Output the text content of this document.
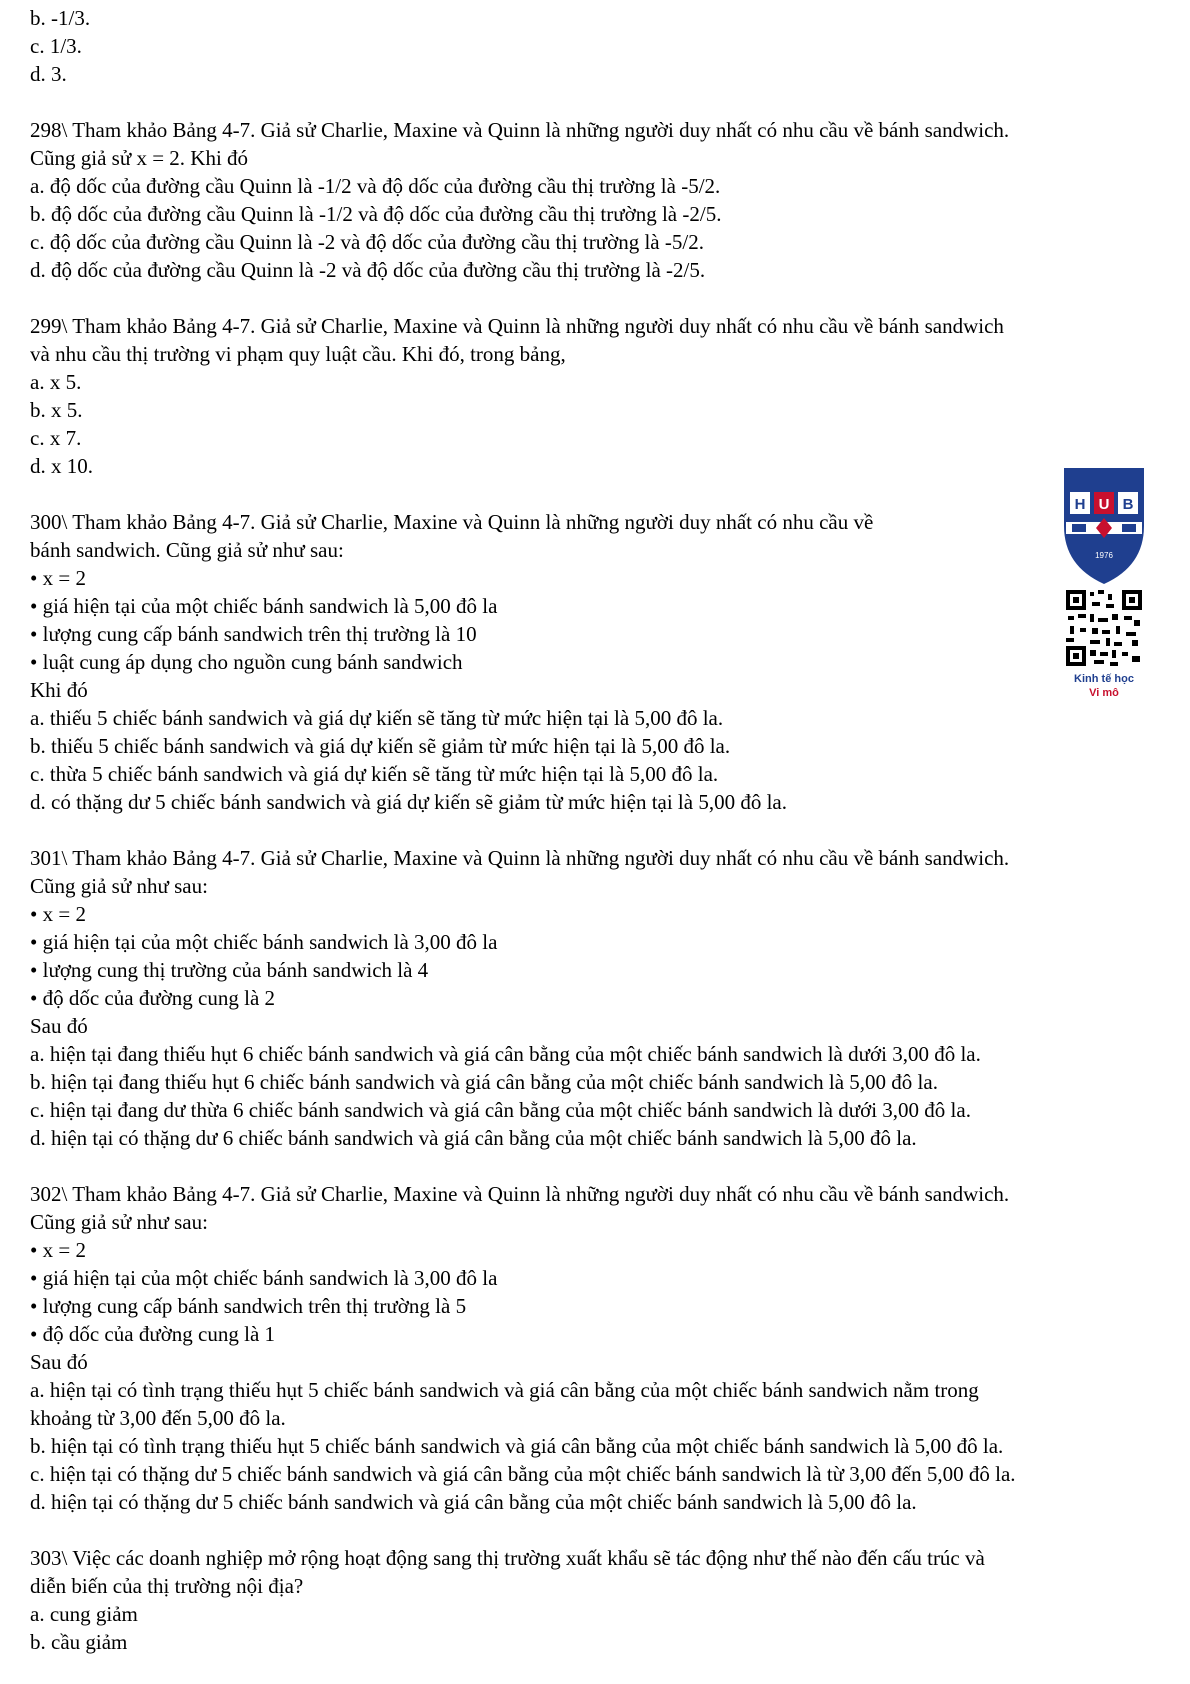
b. -1/3.
c. 1/3.
d. 3.
298\ Tham khảo Bảng 4-7. Giả sử Charlie, Maxine và Quinn là những người duy nhất có nhu cầu về bánh sandwich.
Cũng giả sử x = 2. Khi đó
a. độ dốc của đường cầu Quinn là -1/2 và độ dốc của đường cầu thị trường là -5/2.
b. độ dốc của đường cầu Quinn là -1/2 và độ dốc của đường cầu thị trường là -2/5.
c. độ dốc của đường cầu Quinn là -2 và độ dốc của đường cầu thị trường là -5/2.
d. độ dốc của đường cầu Quinn là -2 và độ dốc của đường cầu thị trường là -2/5.
299\ Tham khảo Bảng 4-7. Giả sử Charlie, Maxine và Quinn là những người duy nhất có nhu cầu về bánh sandwich
và nhu cầu thị trường vi phạm quy luật cầu. Khi đó, trong bảng,
a. x 5.
b. x 5.
c. x 7.
d. x 10.
300\ Tham khảo Bảng 4-7. Giả sử Charlie, Maxine và Quinn là những người duy nhất có nhu cầu về
bánh sandwich. Cũng giả sử như sau:
• x = 2
• giá hiện tại của một chiếc bánh sandwich là 5,00 đô la
• lượng cung cấp bánh sandwich trên thị trường là 10
• luật cung áp dụng cho nguồn cung bánh sandwich
Khi đó
a. thiếu 5 chiếc bánh sandwich và giá dự kiến sẽ tăng từ mức hiện tại là 5,00 đô la.
b. thiếu 5 chiếc bánh sandwich và giá dự kiến sẽ giảm từ mức hiện tại là 5,00 đô la.
c. thừa 5 chiếc bánh sandwich và giá dự kiến sẽ tăng từ mức hiện tại là 5,00 đô la.
d. có thặng dư 5 chiếc bánh sandwich và giá dự kiến sẽ giảm từ mức hiện tại là 5,00 đô la.
301\ Tham khảo Bảng 4-7. Giả sử Charlie, Maxine và Quinn là những người duy nhất có nhu cầu về bánh sandwich.
Cũng giả sử như sau:
• x = 2
• giá hiện tại của một chiếc bánh sandwich là 3,00 đô la
• lượng cung thị trường của bánh sandwich là 4
• độ dốc của đường cung là 2
Sau đó
a. hiện tại đang thiếu hụt 6 chiếc bánh sandwich và giá cân bằng của một chiếc bánh sandwich là dưới 3,00 đô la.
b. hiện tại đang thiếu hụt 6 chiếc bánh sandwich và giá cân bằng của một chiếc bánh sandwich là 5,00 đô la.
c. hiện tại đang dư thừa 6 chiếc bánh sandwich và giá cân bằng của một chiếc bánh sandwich là dưới 3,00 đô la.
d. hiện tại có thặng dư 6 chiếc bánh sandwich và giá cân bằng của một chiếc bánh sandwich là 5,00 đô la.
302\ Tham khảo Bảng 4-7. Giả sử Charlie, Maxine và Quinn là những người duy nhất có nhu cầu về bánh sandwich.
Cũng giả sử như sau:
• x = 2
• giá hiện tại của một chiếc bánh sandwich là 3,00 đô la
• lượng cung cấp bánh sandwich trên thị trường là 5
• độ dốc của đường cung là 1
Sau đó
a. hiện tại có tình trạng thiếu hụt 5 chiếc bánh sandwich và giá cân bằng của một chiếc bánh sandwich nằm trong
khoảng từ 3,00 đến 5,00 đô la.
b. hiện tại có tình trạng thiếu hụt 5 chiếc bánh sandwich và giá cân bằng của một chiếc bánh sandwich là 5,00 đô la.
c. hiện tại có thặng dư 5 chiếc bánh sandwich và giá cân bằng của một chiếc bánh sandwich là từ 3,00 đến 5,00 đô la.
d. hiện tại có thặng dư 5 chiếc bánh sandwich và giá cân bằng của một chiếc bánh sandwich là 5,00 đô la.
303\ Việc các doanh nghiệp mở rộng hoạt động sang thị trường xuất khẩu sẽ tác động như thế nào đến cấu trúc và
diễn biến của thị trường nội địa?
a. cung giảm
b. cầu giảm
H U B
1976
Kinh tế học
Vi mô
